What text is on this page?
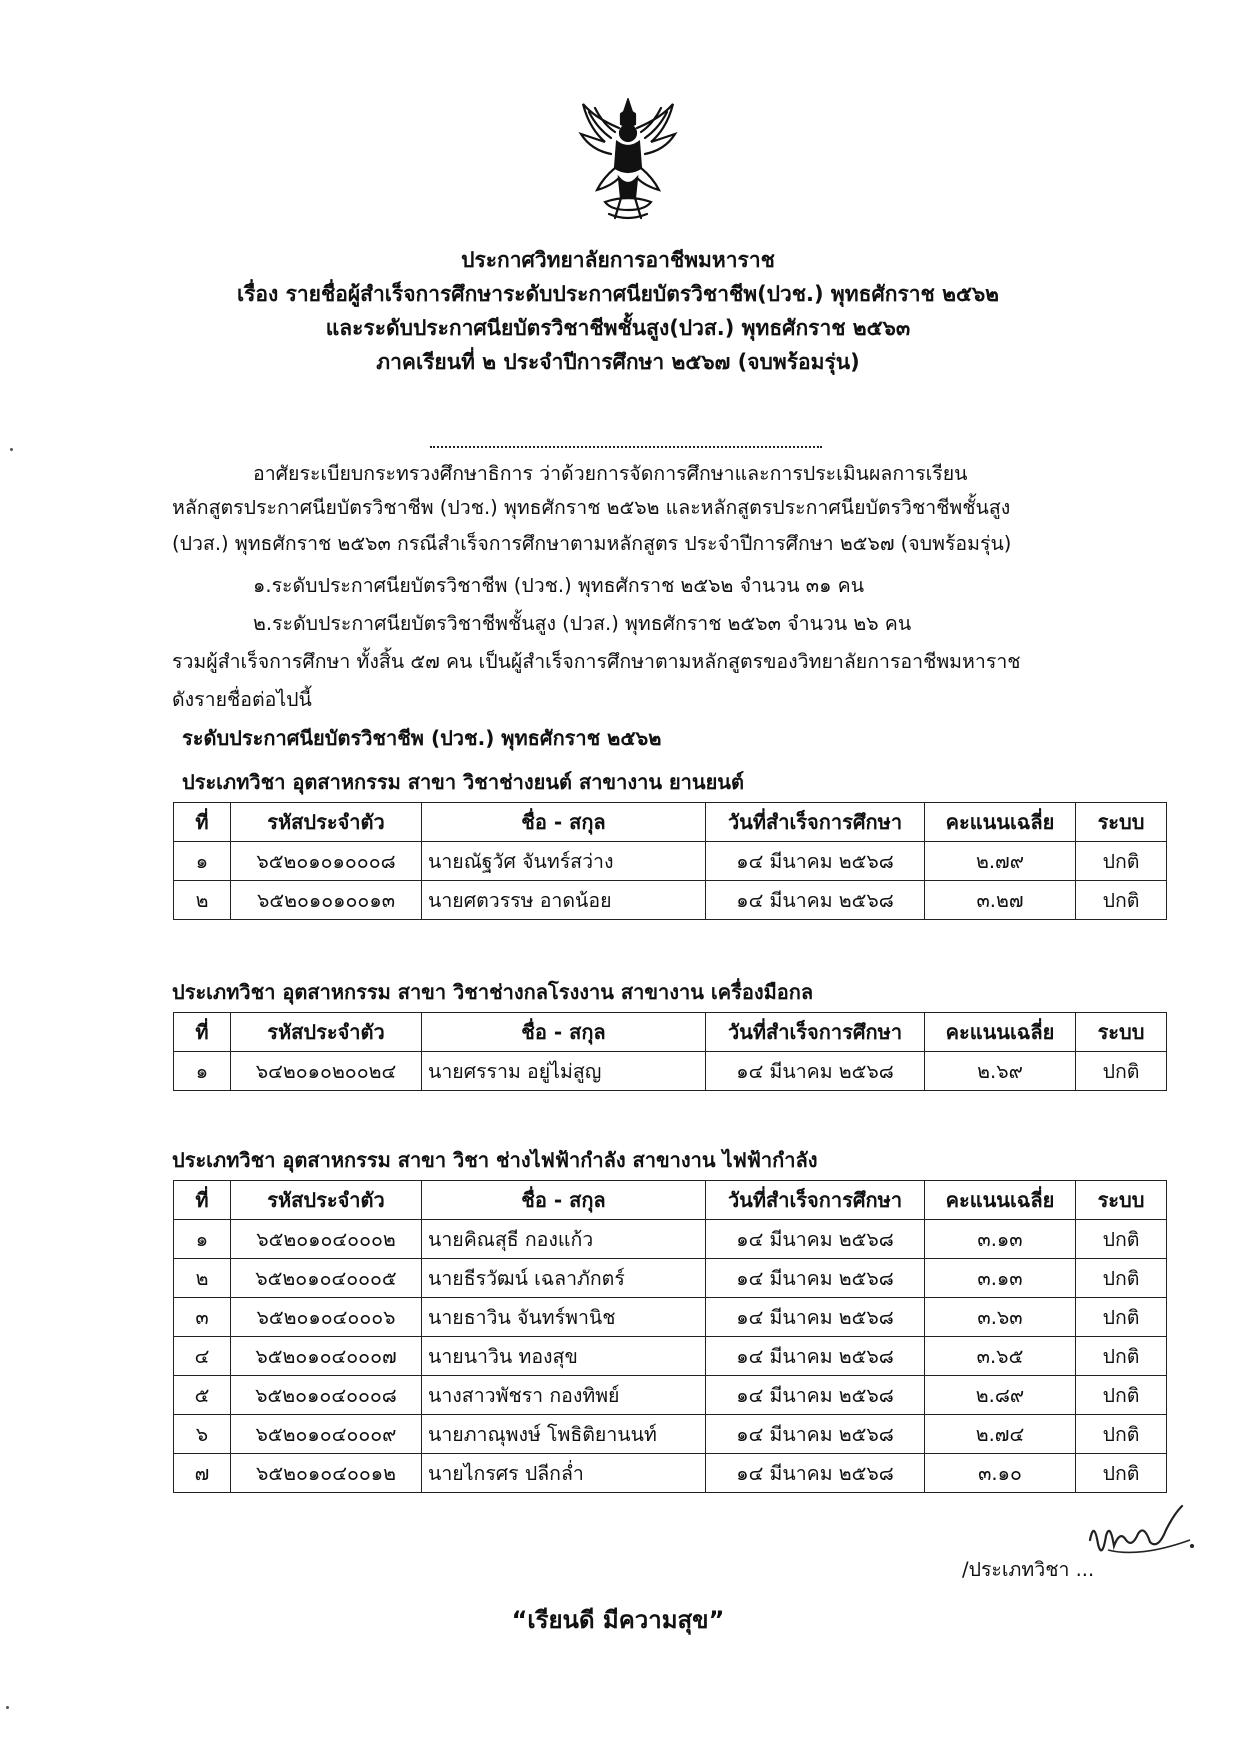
ประกาศวิทยาลัยการอาชีพมหาราช
เรื่อง รายชื่อผู้สำเร็จการศึกษาระดับประกาศนียบัตรวิชาชีพ(ปวช.) พุทธศักราช ๒๕๖๒
และระดับประกาศนียบัตรวิชาชีพชั้นสูง(ปวส.) พุทธศักราช ๒๕๖๓
ภาคเรียนที่ ๒ ประจำปีการศึกษา ๒๕๖๗ (จบพร้อมรุ่น)
อาศัยระเบียบกระทรวงศึกษาธิการ ว่าด้วยการจัดการศึกษาและการประเมินผลการเรียน
หลักสูตรประกาศนียบัตรวิชาชีพ (ปวช.) พุทธศักราช ๒๕๖๒ และหลักสูตรประกาศนียบัตรวิชาชีพชั้นสูง
(ปวส.) พุทธศักราช ๒๕๖๓ กรณีสำเร็จการศึกษาตามหลักสูตร ประจำปีการศึกษา ๒๕๖๗ (จบพร้อมรุ่น)
๑.ระดับประกาศนียบัตรวิชาชีพ (ปวช.) พุทธศักราช ๒๕๖๒ จำนวน ๓๑ คน
๒.ระดับประกาศนียบัตรวิชาชีพชั้นสูง (ปวส.) พุทธศักราช ๒๕๖๓ จำนวน ๒๖ คน
รวมผู้สำเร็จการศึกษา ทั้งสิ้น ๕๗ คน เป็นผู้สำเร็จการศึกษาตามหลักสูตรของวิทยาลัยการอาชีพมหาราช
ดังรายชื่อต่อไปนี้
ระดับประกาศนียบัตรวิชาชีพ (ปวช.) พุทธศักราช ๒๕๖๒
ประเภทวิชา อุตสาหกรรม สาขา วิชาช่างยนต์ สาขางาน ยานยนต์
ที่	รหัสประจำตัว	ชื่อ - สกุล	วันที่สำเร็จการศึกษา	คะแนนเฉลี่ย	ระบบ
๑	๖๕๒๐๑๐๑๐๐๐๘	นายณัฐวัศ จันทร์สว่าง	๑๔ มีนาคม ๒๕๖๘	๒.๗๙	ปกติ
๒	๖๕๒๐๑๐๑๐๐๑๓	นายศตวรรษ อาดน้อย	๑๔ มีนาคม ๒๕๖๘	๓.๒๗	ปกติ
ประเภทวิชา อุตสาหกรรม สาขา วิชาช่างกลโรงงาน สาขางาน เครื่องมือกล
ที่	รหัสประจำตัว	ชื่อ - สกุล	วันที่สำเร็จการศึกษา	คะแนนเฉลี่ย	ระบบ
๑	๖๔๒๐๑๐๒๐๐๒๔	นายศรราม อยู่ไม่สูญ	๑๔ มีนาคม ๒๕๖๘	๒.๖๙	ปกติ
ประเภทวิชา อุตสาหกรรม สาขา วิชา ช่างไฟฟ้ากำลัง สาขางาน ไฟฟ้ากำลัง
ที่	รหัสประจำตัว	ชื่อ - สกุล	วันที่สำเร็จการศึกษา	คะแนนเฉลี่ย	ระบบ
๑	๖๕๒๐๑๐๔๐๐๐๒	นายคิณสุธี กองแก้ว	๑๔ มีนาคม ๒๕๖๘	๓.๑๓	ปกติ
๒	๖๕๒๐๑๐๔๐๐๐๕	นายธีรวัฒน์ เฉลาภักตร์	๑๔ มีนาคม ๒๕๖๘	๓.๑๓	ปกติ
๓	๖๕๒๐๑๐๔๐๐๐๖	นายธาวิน จันทร์พานิช	๑๔ มีนาคม ๒๕๖๘	๓.๖๓	ปกติ
๔	๖๕๒๐๑๐๔๐๐๐๗	นายนาวิน ทองสุข	๑๔ มีนาคม ๒๕๖๘	๓.๖๕	ปกติ
๕	๖๕๒๐๑๐๔๐๐๐๘	นางสาวพัชรา กองทิพย์	๑๔ มีนาคม ๒๕๖๘	๒.๘๙	ปกติ
๖	๖๕๒๐๑๐๔๐๐๐๙	นายภาณุพงษ์ โพธิติยานนท์	๑๔ มีนาคม ๒๕๖๘	๒.๗๔	ปกติ
๗	๖๕๒๐๑๐๔๐๐๑๒	นายไกรศร ปลีกล่ำ	๑๔ มีนาคม ๒๕๖๘	๓.๑๐	ปกติ
/ประเภทวิชา ...
“เรียนดี มีความสุข”
